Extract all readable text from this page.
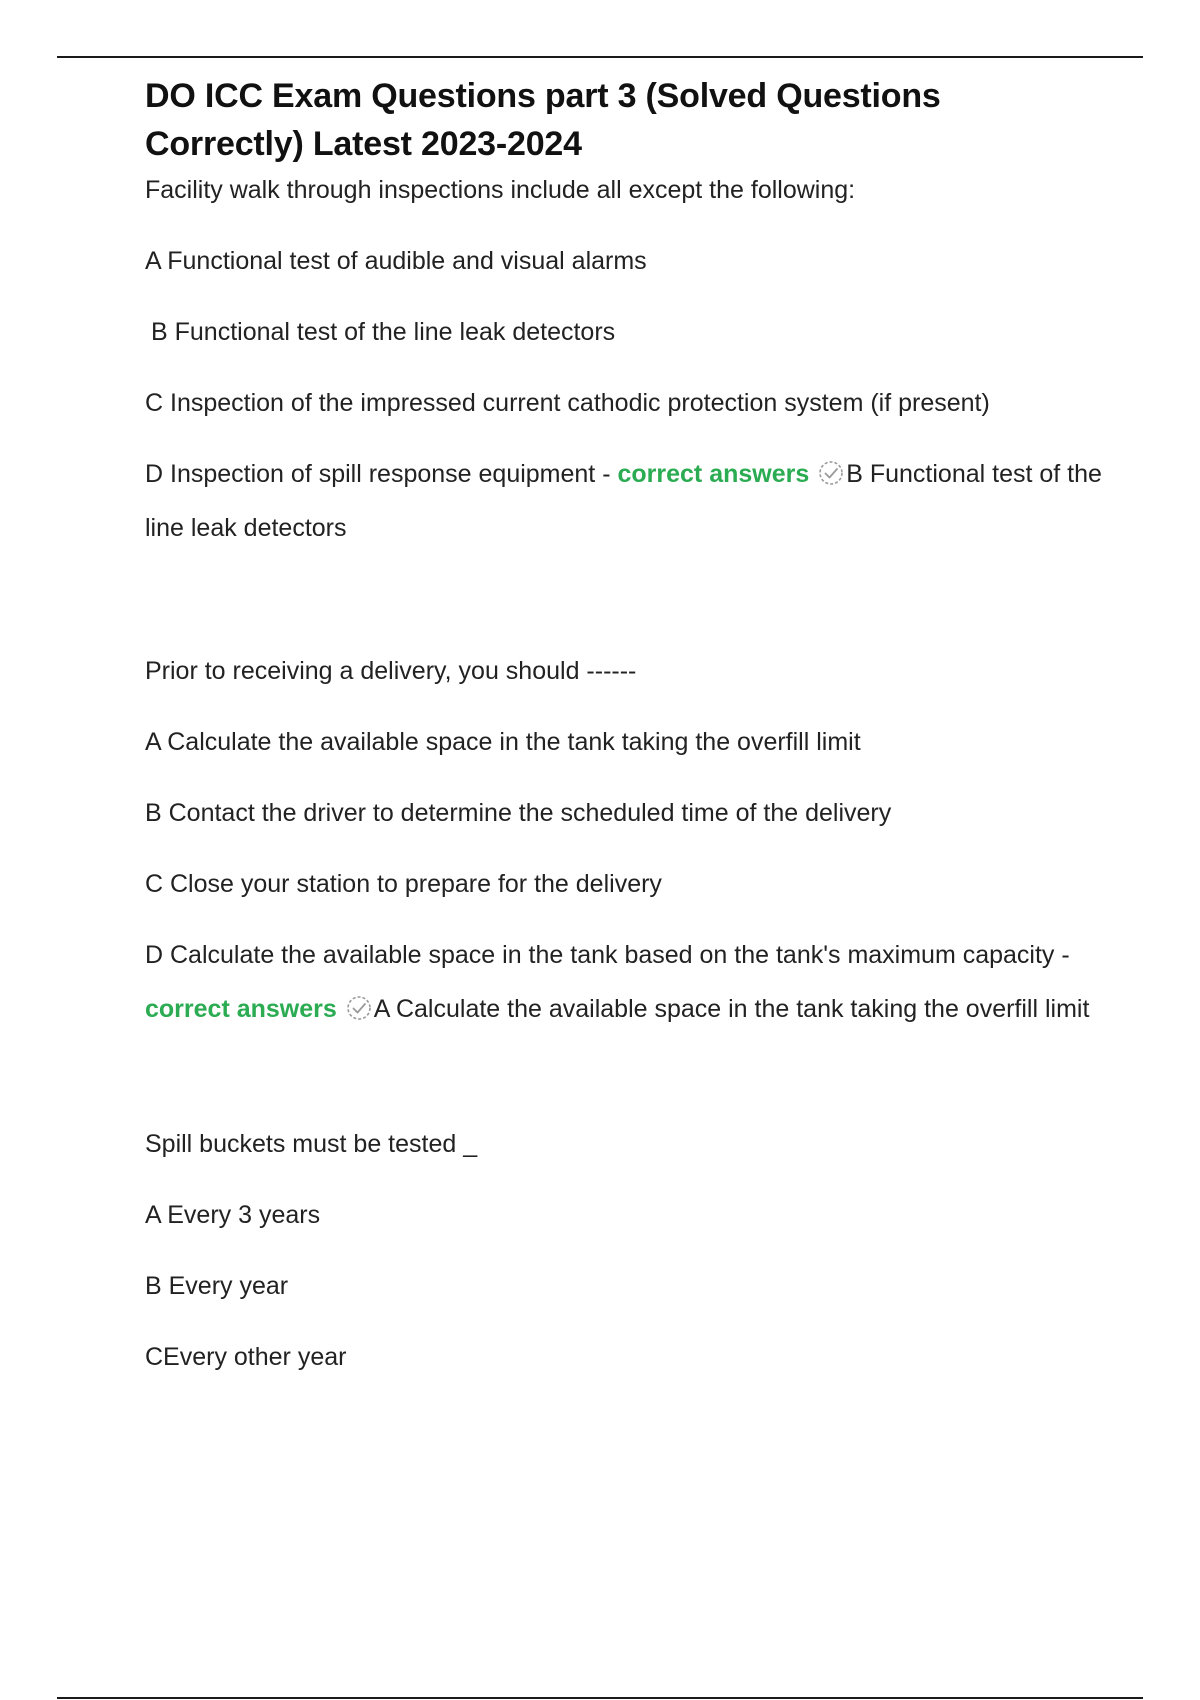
DO ICC Exam Questions part 3 (Solved Questions Correctly) Latest 2023-2024

Facility walk through inspections include all except the following:

A Functional test of audible and visual alarms

B Functional test of the line leak detectors

C Inspection of the impressed current cathodic protection system (if present)

D Inspection of spill response equipment - correct answers B Functional test of the line leak detectors

Prior to receiving a delivery, you should ------

A Calculate the available space in the tank taking the overfill limit

B Contact the driver to determine the scheduled time of the delivery

C Close your station to prepare for the delivery

D Calculate the available space in the tank based on the tank's maximum capacity - correct answers A Calculate the available space in the tank taking the overfill limit

Spill buckets must be tested _

A Every 3 years

B Every year

CEvery other year
